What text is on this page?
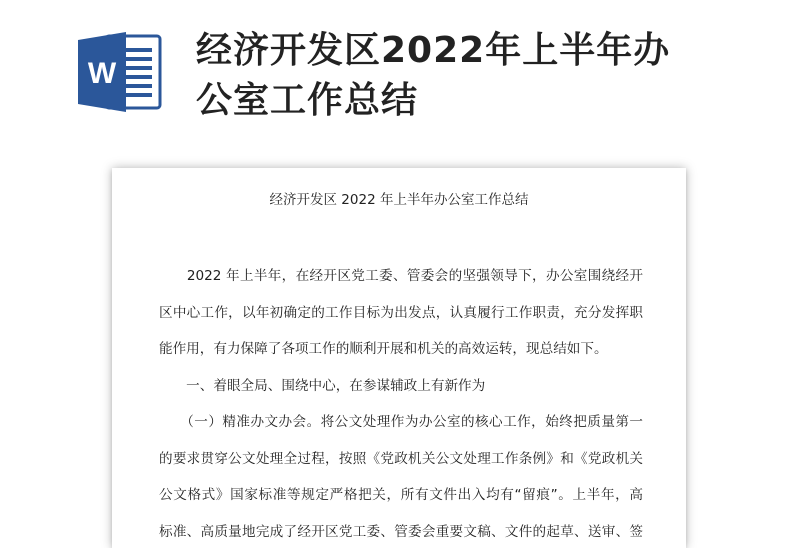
W
经济开发区2022年上半年办
公室工作总结
经济开发区 2022 年上半年办公室工作总结
　　2022 年上半年，在经开区党工委、管委会的坚强领导下，办公室围绕经开
区中心工作，以年初确定的工作目标为出发点，认真履行工作职责，充分发挥职
能作用，有力保障了各项工作的顺利开展和机关的高效运转，现总结如下。
　　一、着眼全局、围绕中心，在参谋辅政上有新作为
　　（一）精准办文办会。将公文处理作为办公室的核心工作，始终把质量第一
的要求贯穿公文处理全过程，按照《党政机关公文处理工作条例》和《党政机关
公文格式》国家标准等规定严格把关，所有文件出入均有“留痕”。上半年，高
标准、高质量地完成了经开区党工委、管委会重要文稿、文件的起草、送审、签
